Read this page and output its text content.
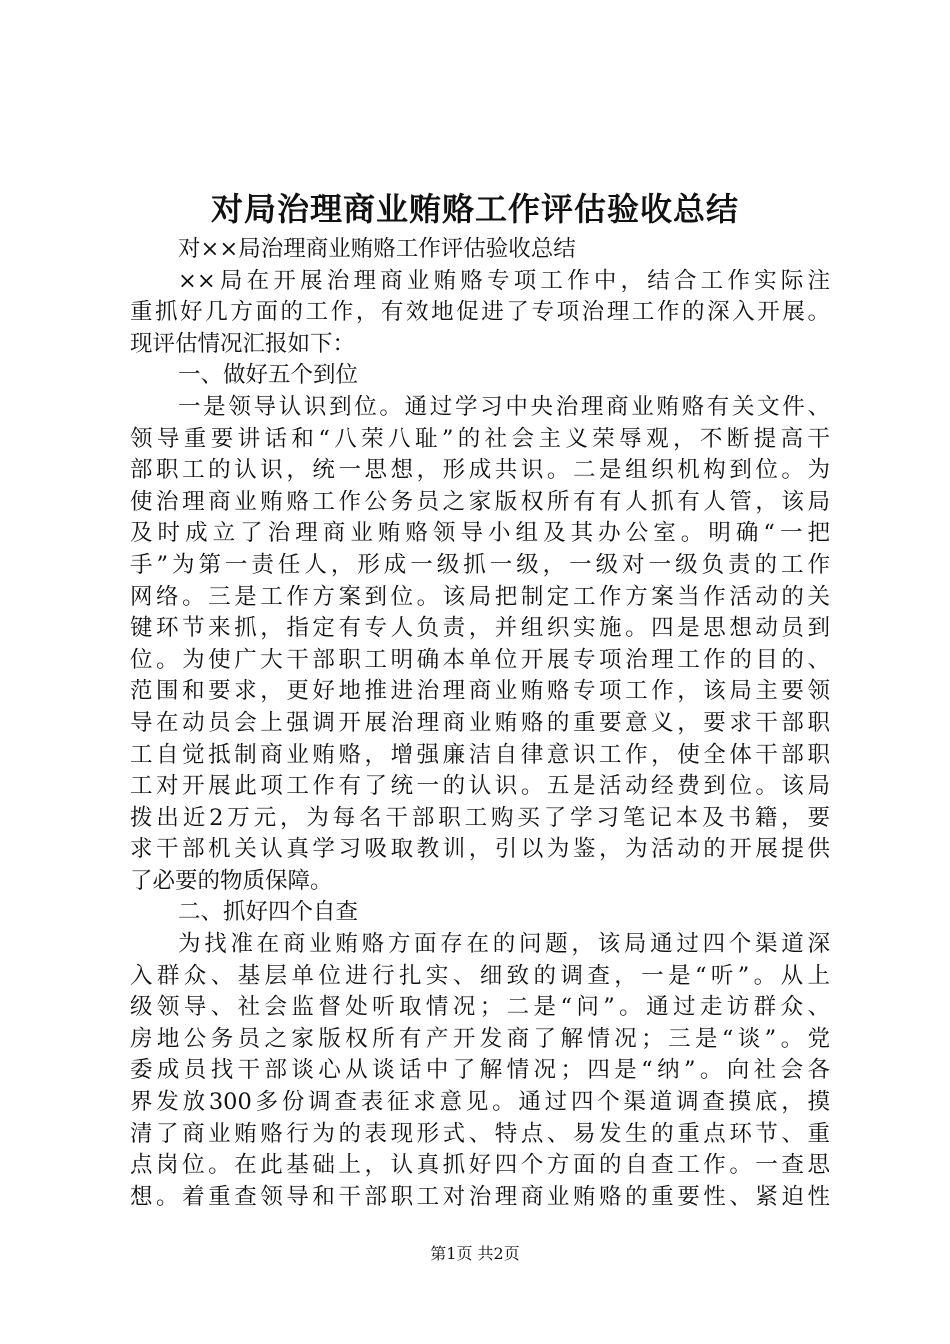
对局治理商业贿赂工作评估验收总结
对××局治理商业贿赂工作评估验收总结
××局在开展治理商业贿赂专项工作中，结合工作实际注
重抓好几方面的工作，有效地促进了专项治理工作的深入开展。
现评估情况汇报如下：
一、做好五个到位
一是领导认识到位。通过学习中央治理商业贿赂有关文件、
领导重要讲话和“八荣八耻”的社会主义荣辱观，不断提高干
部职工的认识，统一思想，形成共识。二是组织机构到位。为
使治理商业贿赂工作公务员之家版权所有有人抓有人管，该局
及时成立了治理商业贿赂领导小组及其办公室。明确“一把
手”为第一责任人，形成一级抓一级，一级对一级负责的工作
网络。三是工作方案到位。该局把制定工作方案当作活动的关
键环节来抓，指定有专人负责，并组织实施。四是思想动员到
位。为使广大干部职工明确本单位开展专项治理工作的目的、
范围和要求，更好地推进治理商业贿赂专项工作，该局主要领
导在动员会上强调开展治理商业贿赂的重要意义，要求干部职
工自觉抵制商业贿赂，增强廉洁自律意识工作，使全体干部职
工对开展此项工作有了统一的认识。五是活动经费到位。该局
拨出近2万元，为每名干部职工购买了学习笔记本及书籍，要
求干部机关认真学习吸取教训，引以为鉴，为活动的开展提供
了必要的物质保障。
二、抓好四个自查
为找准在商业贿赂方面存在的问题，该局通过四个渠道深
入群众、基层单位进行扎实、细致的调查，一是“听”。从上
级领导、社会监督处听取情况；二是“问”。通过走访群众、
房地公务员之家版权所有产开发商了解情况；三是“谈”。党
委成员找干部谈心从谈话中了解情况；四是“纳”。向社会各
界发放300多份调查表征求意见。通过四个渠道调查摸底，摸
清了商业贿赂行为的表现形式、特点、易发生的重点环节、重
点岗位。在此基础上，认真抓好四个方面的自查工作。一查思
想。着重查领导和干部职工对治理商业贿赂的重要性、紧迫性
第1页 共2页
